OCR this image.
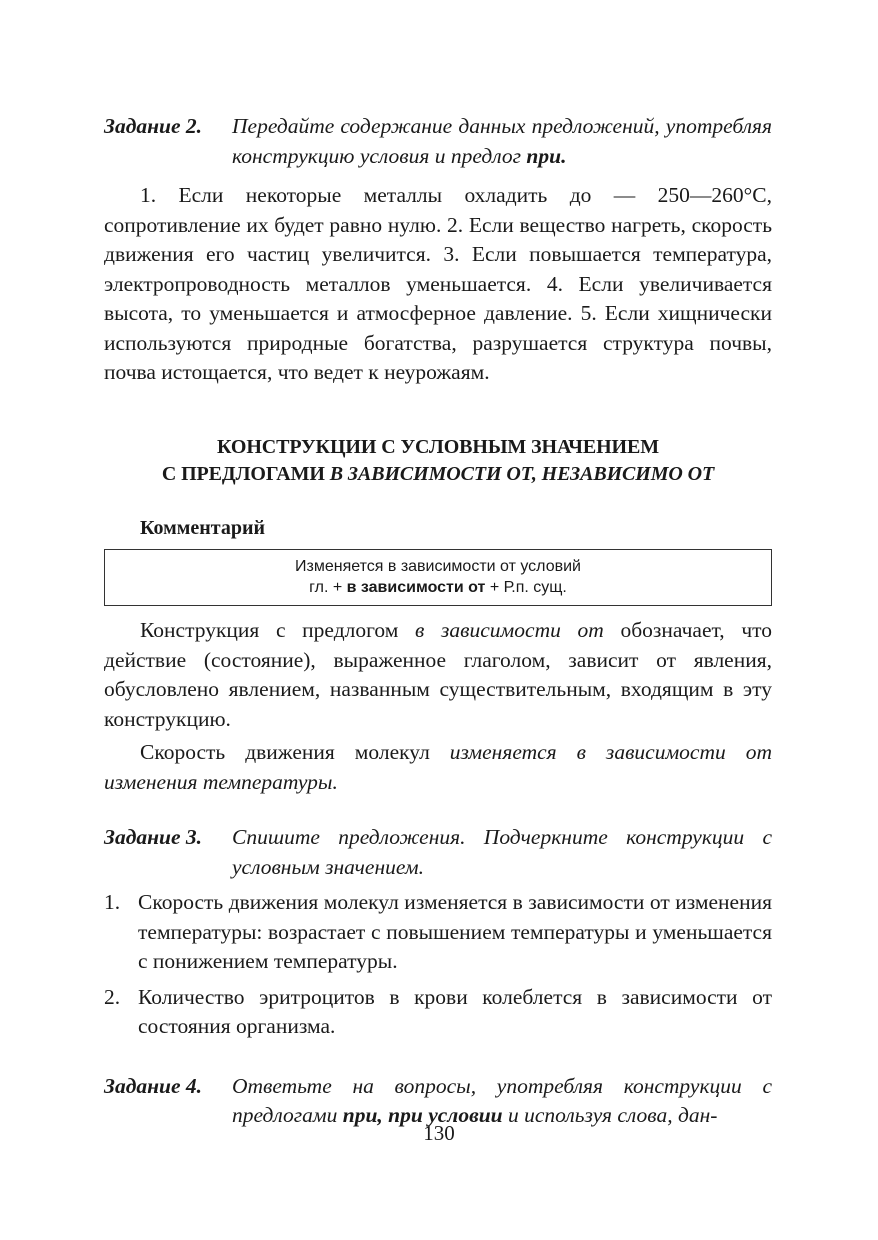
Задание 2.	Передайте содержание данных предложений, употребляя конструкцию условия и предлог при.

1. Если некоторые металлы охладить до — 250—260°С, сопротивление их будет равно нулю. 2. Если вещество нагреть, скорость движения его частиц увеличится. 3. Если повышается температура, электропроводность металлов уменьшается. 4. Если увеличивается высота, то уменьшается и атмосферное давление. 5. Если хищнически используются природные богатства, разрушается структура почвы, почва истощается, что ведет к неурожаям.

КОНСТРУКЦИИ С УСЛОВНЫМ ЗНАЧЕНИЕМ
С ПРЕДЛОГАМИ В ЗАВИСИМОСТИ ОТ, НЕЗАВИСИМО ОТ
Комментарий
Изменяется в зависимости от условий
гл. + в зависимости от + Р.п. сущ.

Конструкция с предлогом в зависимости от обозначает, что действие (состояние), выраженное глаголом, зависит от явления, обусловлено явлением, названным существительным, входящим в эту конструкцию.

Скорость движения молекул изменяется в зависимости от изменения температуры.

Задание 3.	Спишите предложения. Подчеркните конструкции с условным значением.
1. Скорость движения молекул изменяется в зависимости от изменения температуры: возрастает с повышением температуры и уменьшается с понижением температуры.
2. Количество эритроцитов в крови колеблется в зависимости от состояния организма.
Задание 4.	Ответьте на вопросы, употребляя конструкции с предлогами при, при условии и используя слова, дан-
130
